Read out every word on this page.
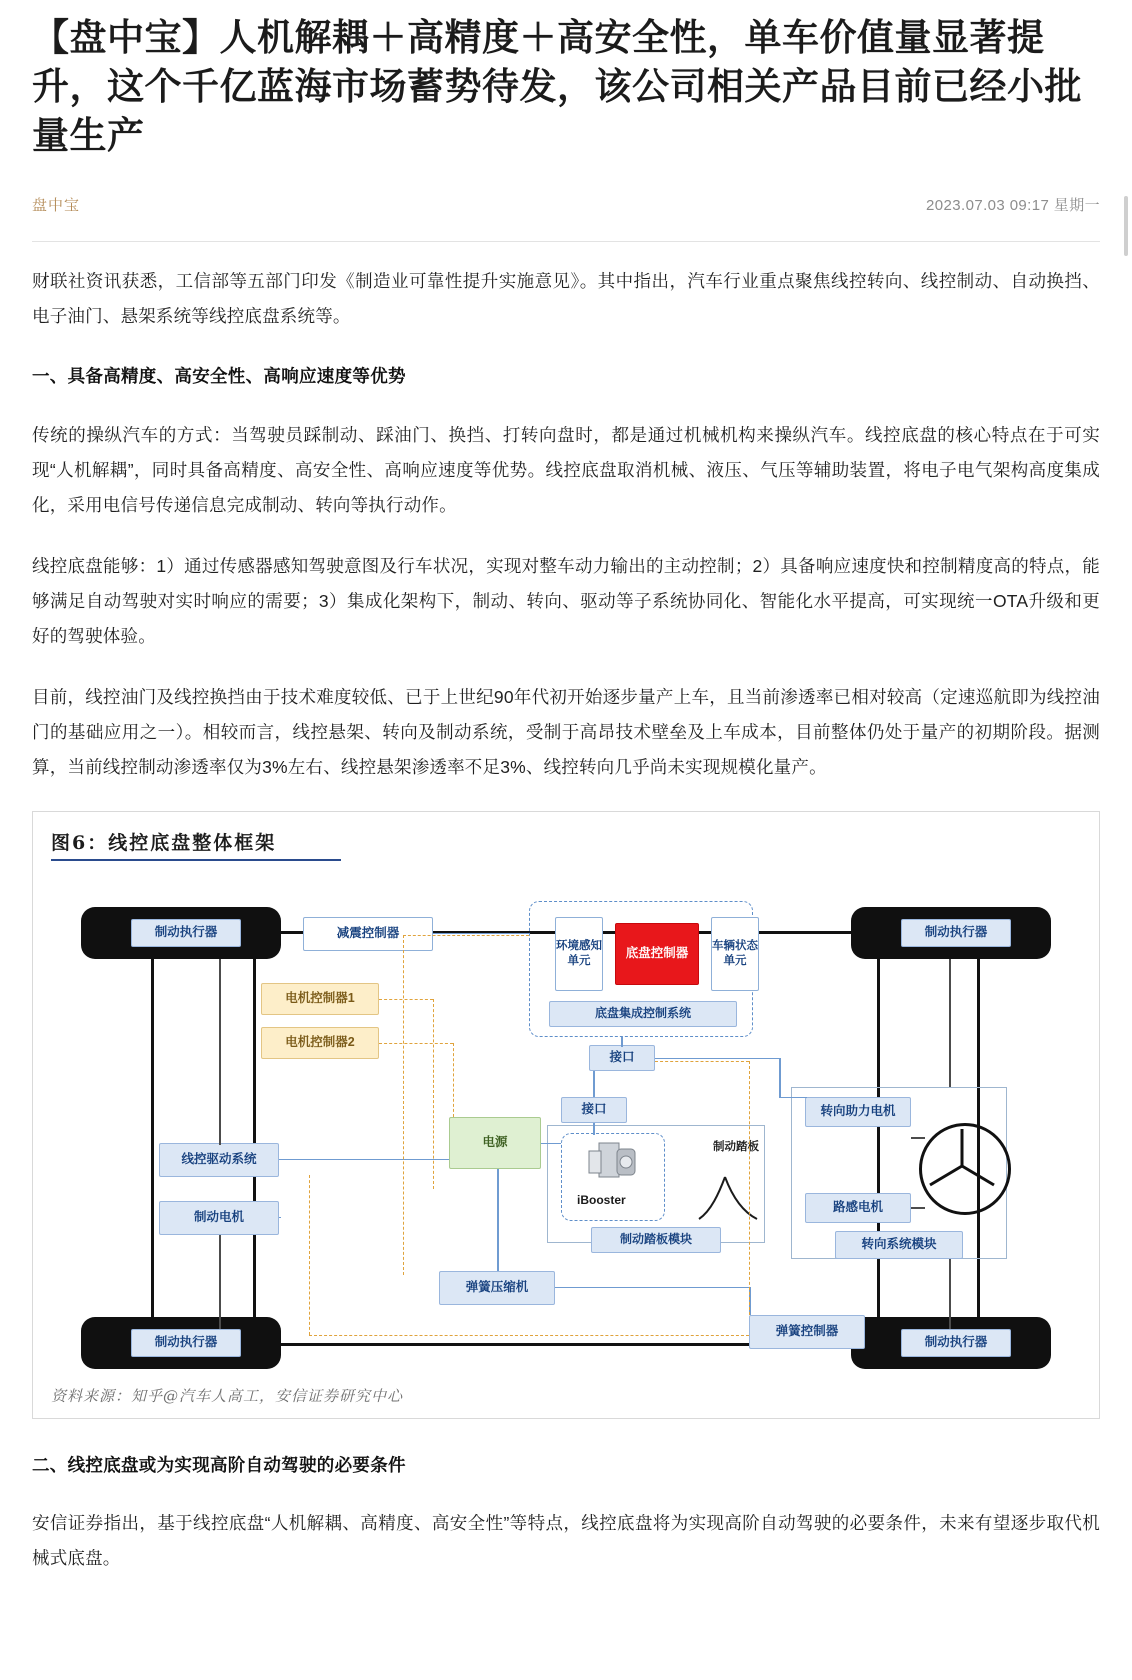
【盘中宝】人机解耦＋高精度＋高安全性，单车价值量显著提升，这个千亿蓝海市场蓄势待发，该公司相关产品目前已经小批量生产
盘中宝	2023.07.03 09:17 星期一

财联社资讯获悉，工信部等五部门印发《制造业可靠性提升实施意见》。其中指出，汽车行业重点聚焦线控转向、线控制动、自动换挡、电子油门、悬架系统等线控底盘系统等。

一、具备高精度、高安全性、高响应速度等优势

传统的操纵汽车的方式：当驾驶员踩制动、踩油门、换挡、打转向盘时，都是通过机械机构来操纵汽车。线控底盘的核心特点在于可实现“人机解耦”，同时具备高精度、高安全性、高响应速度等优势。线控底盘取消机械、液压、气压等辅助装置，将电子电气架构高度集成化，采用电信号传递信息完成制动、转向等执行动作。

线控底盘能够：1）通过传感器感知驾驶意图及行车状况，实现对整车动力输出的主动控制；2）具备响应速度快和控制精度高的特点，能够满足自动驾驶对实时响应的需要；3）集成化架构下，制动、转向、驱动等子系统协同化、智能化水平提高，可实现统一OTA升级和更好的驾驶体验。

目前，线控油门及线控换挡由于技术难度较低、已于上世纪90年代初开始逐步量产上车，且当前渗透率已相对较高（定速巡航即为线控油门的基础应用之一）。相较而言，线控悬架、转向及制动系统，受制于高昂技术壁垒及上车成本，目前整体仍处于量产的初期阶段。据测算，当前线控制动渗透率仅为3%左右、线控悬架渗透率不足3%、线控转向几乎尚未实现规模化量产。

图6：线控底盘整体框架
制动执行器	制动执行器
制动执行器	制动执行器
减震控制器
电机控制器1
电机控制器2
环境感知单元
底盘控制器	车辆状态单元
底盘集成控制系统
接口
接口
电源
iBooster
制动踏板
制动踏板模块
线控驱动系统
制动电机
弹簧压缩机
弹簧控制器
转向助力电机
路感电机
转向系统模块
资料来源：知乎@汽车人高工，安信证券研究中心
二、线控底盘或为实现高阶自动驾驶的必要条件

安信证券指出，基于线控底盘“人机解耦、高精度、高安全性”等特点，线控底盘将为实现高阶自动驾驶的必要条件，未来有望逐步取代机械式底盘。
